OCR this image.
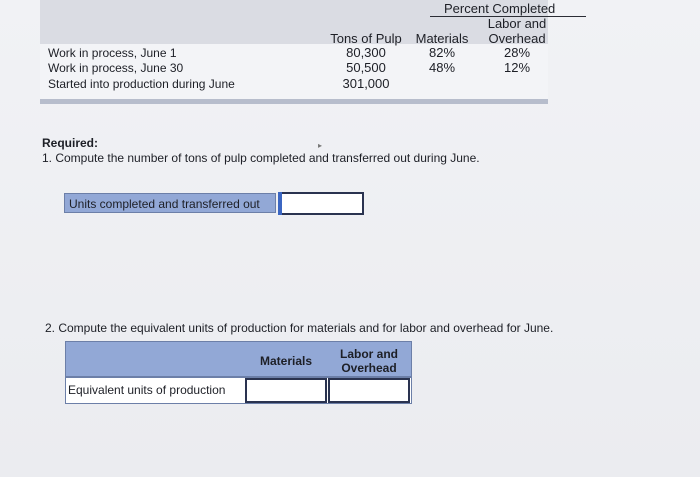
Percent Completed
Tons of Pulp	Materials
Labor and
Overhead
Work in process, June 1	80,300	82%	28%
Work in process, June 30	50,500	48%	12%
Started into production during June	301,000
▸
Required:
1. Compute the number of tons of pulp completed and transferred out during June.
Units completed and transferred out
2. Compute the equivalent units of production for materials and for labor and overhead for June.
Materials	Labor and
Overhead
Equivalent units of production
